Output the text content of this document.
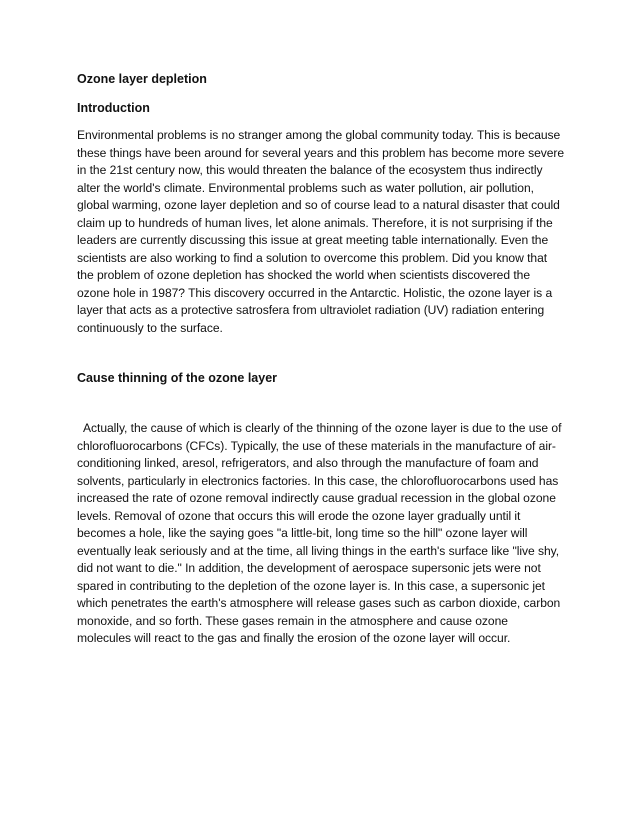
Ozone layer depletion

Introduction

Environmental problems is no stranger among the global community today. This is because these things have been around for several years and this problem has become more severe in the 21st century now, this would threaten the balance of the ecosystem thus indirectly alter the world's climate. Environmental problems such as water pollution, air pollution, global warming, ozone layer depletion and so of course lead to a natural disaster that could claim up to hundreds of human lives, let alone animals. Therefore, it is not surprising if the leaders are currently discussing this issue at great meeting table internationally. Even the scientists are also working to find a solution to overcome this problem. Did you know that the problem of ozone depletion has shocked the world when scientists discovered the ozone hole in 1987? This discovery occurred in the Antarctic. Holistic, the ozone layer is a layer that acts as a protective satrosfera from ultraviolet radiation (UV) radiation entering continuously to the surface.

Cause thinning of the ozone layer

Actually, the cause of which is clearly of the thinning of the ozone layer is due to the use of chlorofluorocarbons (CFCs). Typically, the use of these materials in the manufacture of air-conditioning linked, aresol, refrigerators, and also through the manufacture of foam and solvents, particularly in electronics factories. In this case, the chlorofluorocarbons used has increased the rate of ozone removal indirectly cause gradual recession in the global ozone levels. Removal of ozone that occurs this will erode the ozone layer gradually until it becomes a hole, like the saying goes "a little-bit, long time so the hill" ozone layer will eventually leak seriously and at the time, all living things in the earth's surface like "live shy, did not want to die." In addition, the development of aerospace supersonic jets were not spared in contributing to the depletion of the ozone layer is. In this case, a supersonic jet which penetrates the earth's atmosphere will release gases such as carbon dioxide, carbon monoxide, and so forth. These gases remain in the atmosphere and cause ozone molecules will react to the gas and finally the erosion of the ozone layer will occur.
